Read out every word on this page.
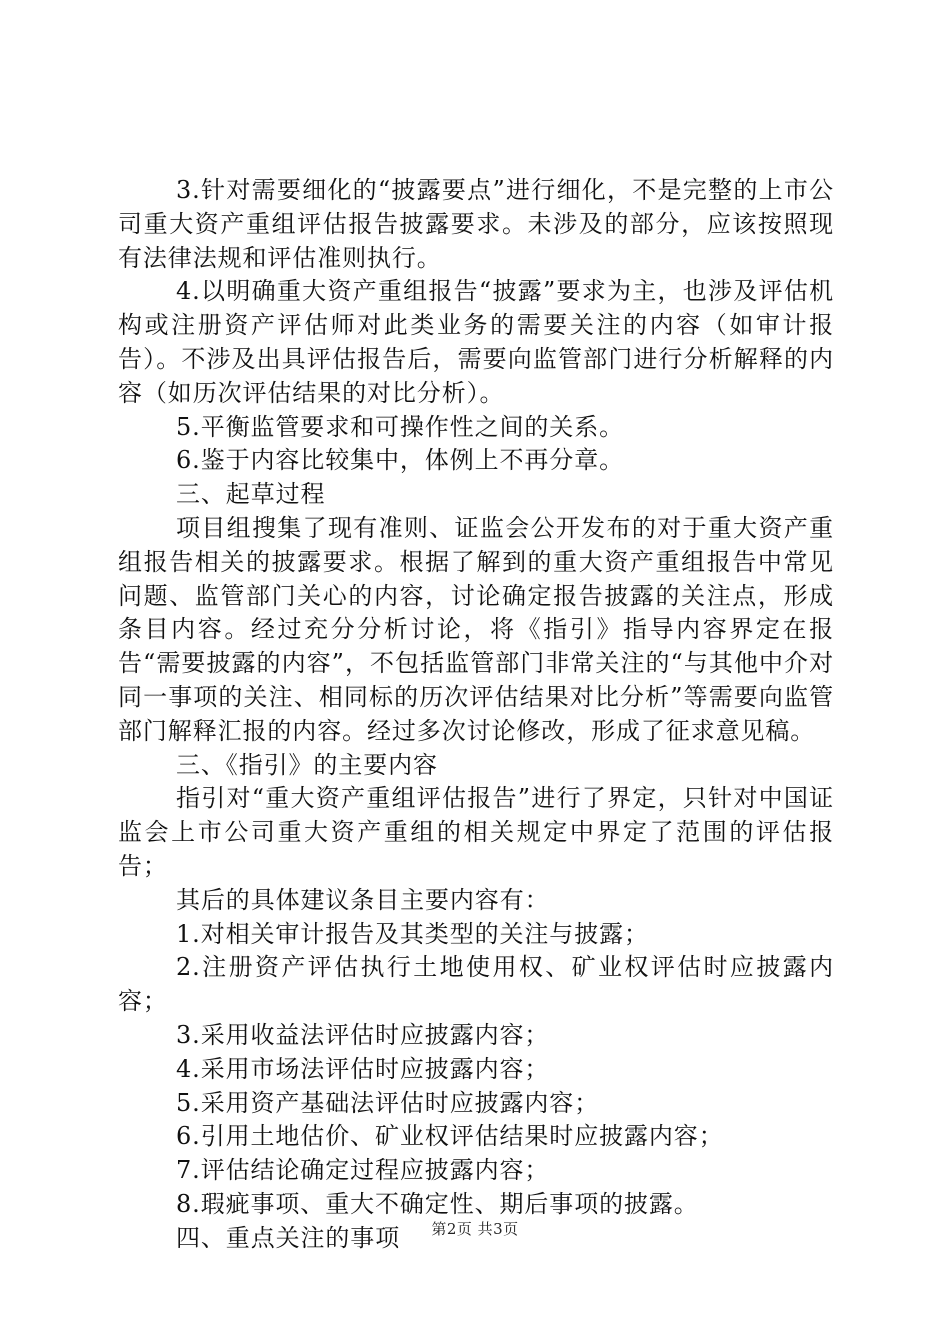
3.针对需要细化的“披露要点”进行细化，不是完整的上市公司重大资产重组评估报告披露要求。未涉及的部分，应该按照现有法律法规和评估准则执行。

4.以明确重大资产重组报告“披露”要求为主，也涉及评估机构或注册资产评估师对此类业务的需要关注的内容（如审计报告）。不涉及出具评估报告后，需要向监管部门进行分析解释的内容（如历次评估结果的对比分析）。

5.平衡监管要求和可操作性之间的关系。

6.鉴于内容比较集中，体例上不再分章。

三、起草过程

项目组搜集了现有准则、证监会公开发布的对于重大资产重组报告相关的披露要求。根据了解到的重大资产重组报告中常见问题、监管部门关心的内容，讨论确定报告披露的关注点，形成条目内容。经过充分分析讨论，将《指引》指导内容界定在报告“需要披露的内容”，不包括监管部门非常关注的“与其他中介对同一事项的关注、相同标的历次评估结果对比分析”等需要向监管部门解释汇报的内容。经过多次讨论修改，形成了征求意见稿。

三、《指引》的主要内容

指引对“重大资产重组评估报告”进行了界定，只针对中国证监会上市公司重大资产重组的相关规定中界定了范围的评估报告；

其后的具体建议条目主要内容有：

1.对相关审计报告及其类型的关注与披露；

2.注册资产评估执行土地使用权、矿业权评估时应披露内容；

3.采用收益法评估时应披露内容；

4.采用市场法评估时应披露内容；

5.采用资产基础法评估时应披露内容；

6.引用土地估价、矿业权评估结果时应披露内容；

7.评估结论确定过程应披露内容；

8.瑕疵事项、重大不确定性、期后事项的披露。

四、重点关注的事项	第2页 共3页
